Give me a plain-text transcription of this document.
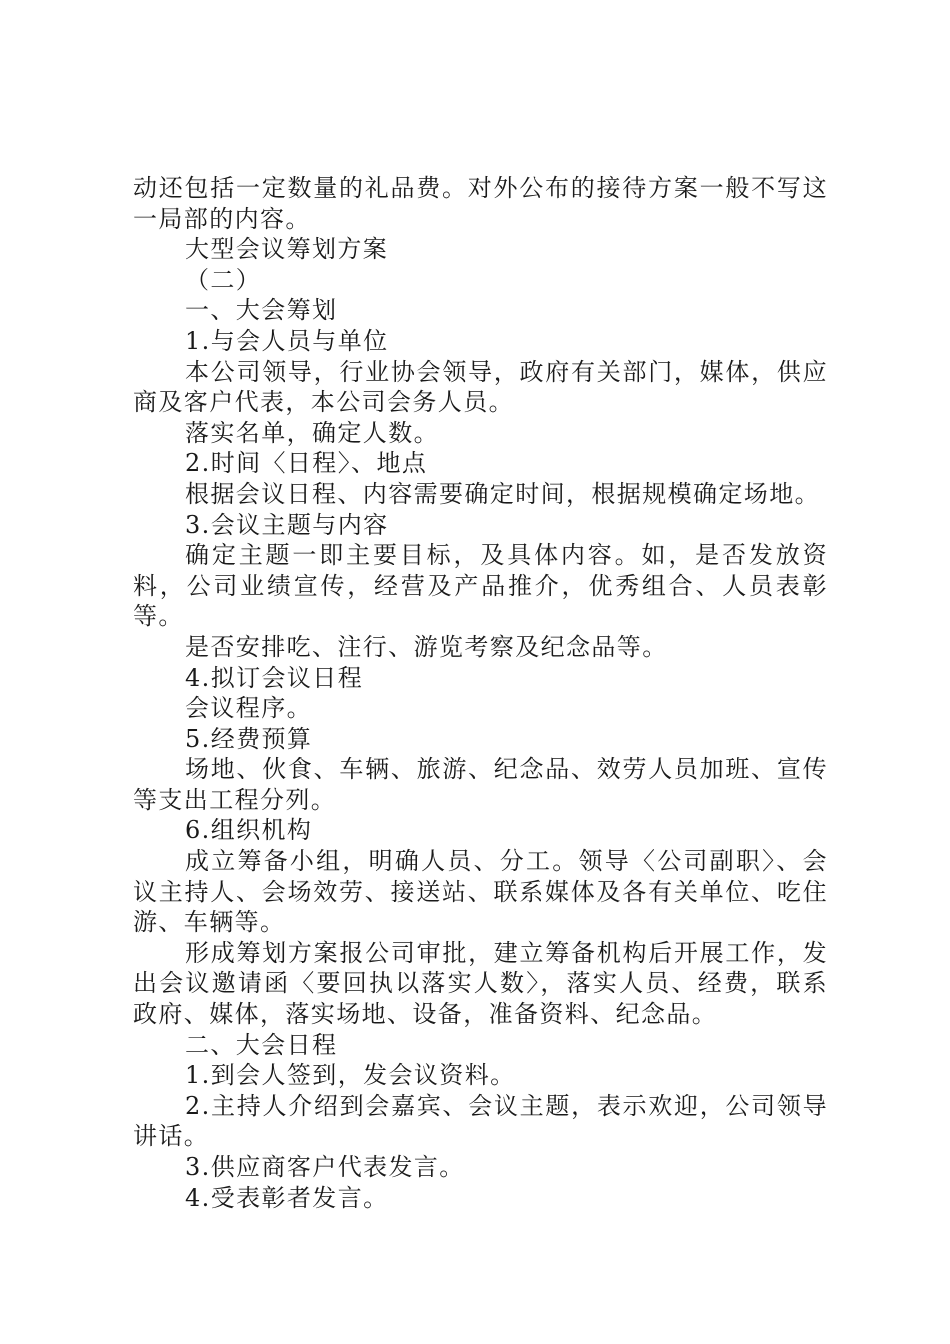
动还包括一定数量的礼品费。对外公布的接待方案一般不写这一局部的内容。

大型会议筹划方案

（二）

一、大会筹划

1.与会人员与单位

本公司领导，行业协会领导，政府有关部门，媒体，供应商及客户代表，本公司会务人员。

落实名单，确定人数。

2.时间〈日程〉、地点

根据会议日程、内容需要确定时间，根据规模确定场地。

3.会议主题与内容

确定主题一即主要目标，及具体内容。如，是否发放资料，公司业绩宣传，经营及产品推介，优秀组合、人员表彰等。

是否安排吃、注行、游览考察及纪念品等。

4.拟订会议日程

会议程序。

5.经费预算

场地、伙食、车辆、旅游、纪念品、效劳人员加班、宣传等支出工程分列。

6.组织机构

成立筹备小组，明确人员、分工。领导〈公司副职〉、会议主持人、会场效劳、接送站、联系媒体及各有关单位、吃住游、车辆等。

形成筹划方案报公司审批，建立筹备机构后开展工作，发出会议邀请函〈要回执以落实人数〉，落实人员、经费，联系政府、媒体，落实场地、设备，准备资料、纪念品。

二、大会日程

1.到会人签到，发会议资料。

2.主持人介绍到会嘉宾、会议主题，表示欢迎，公司领导讲话。

3.供应商客户代表发言。

4.受表彰者发言。
